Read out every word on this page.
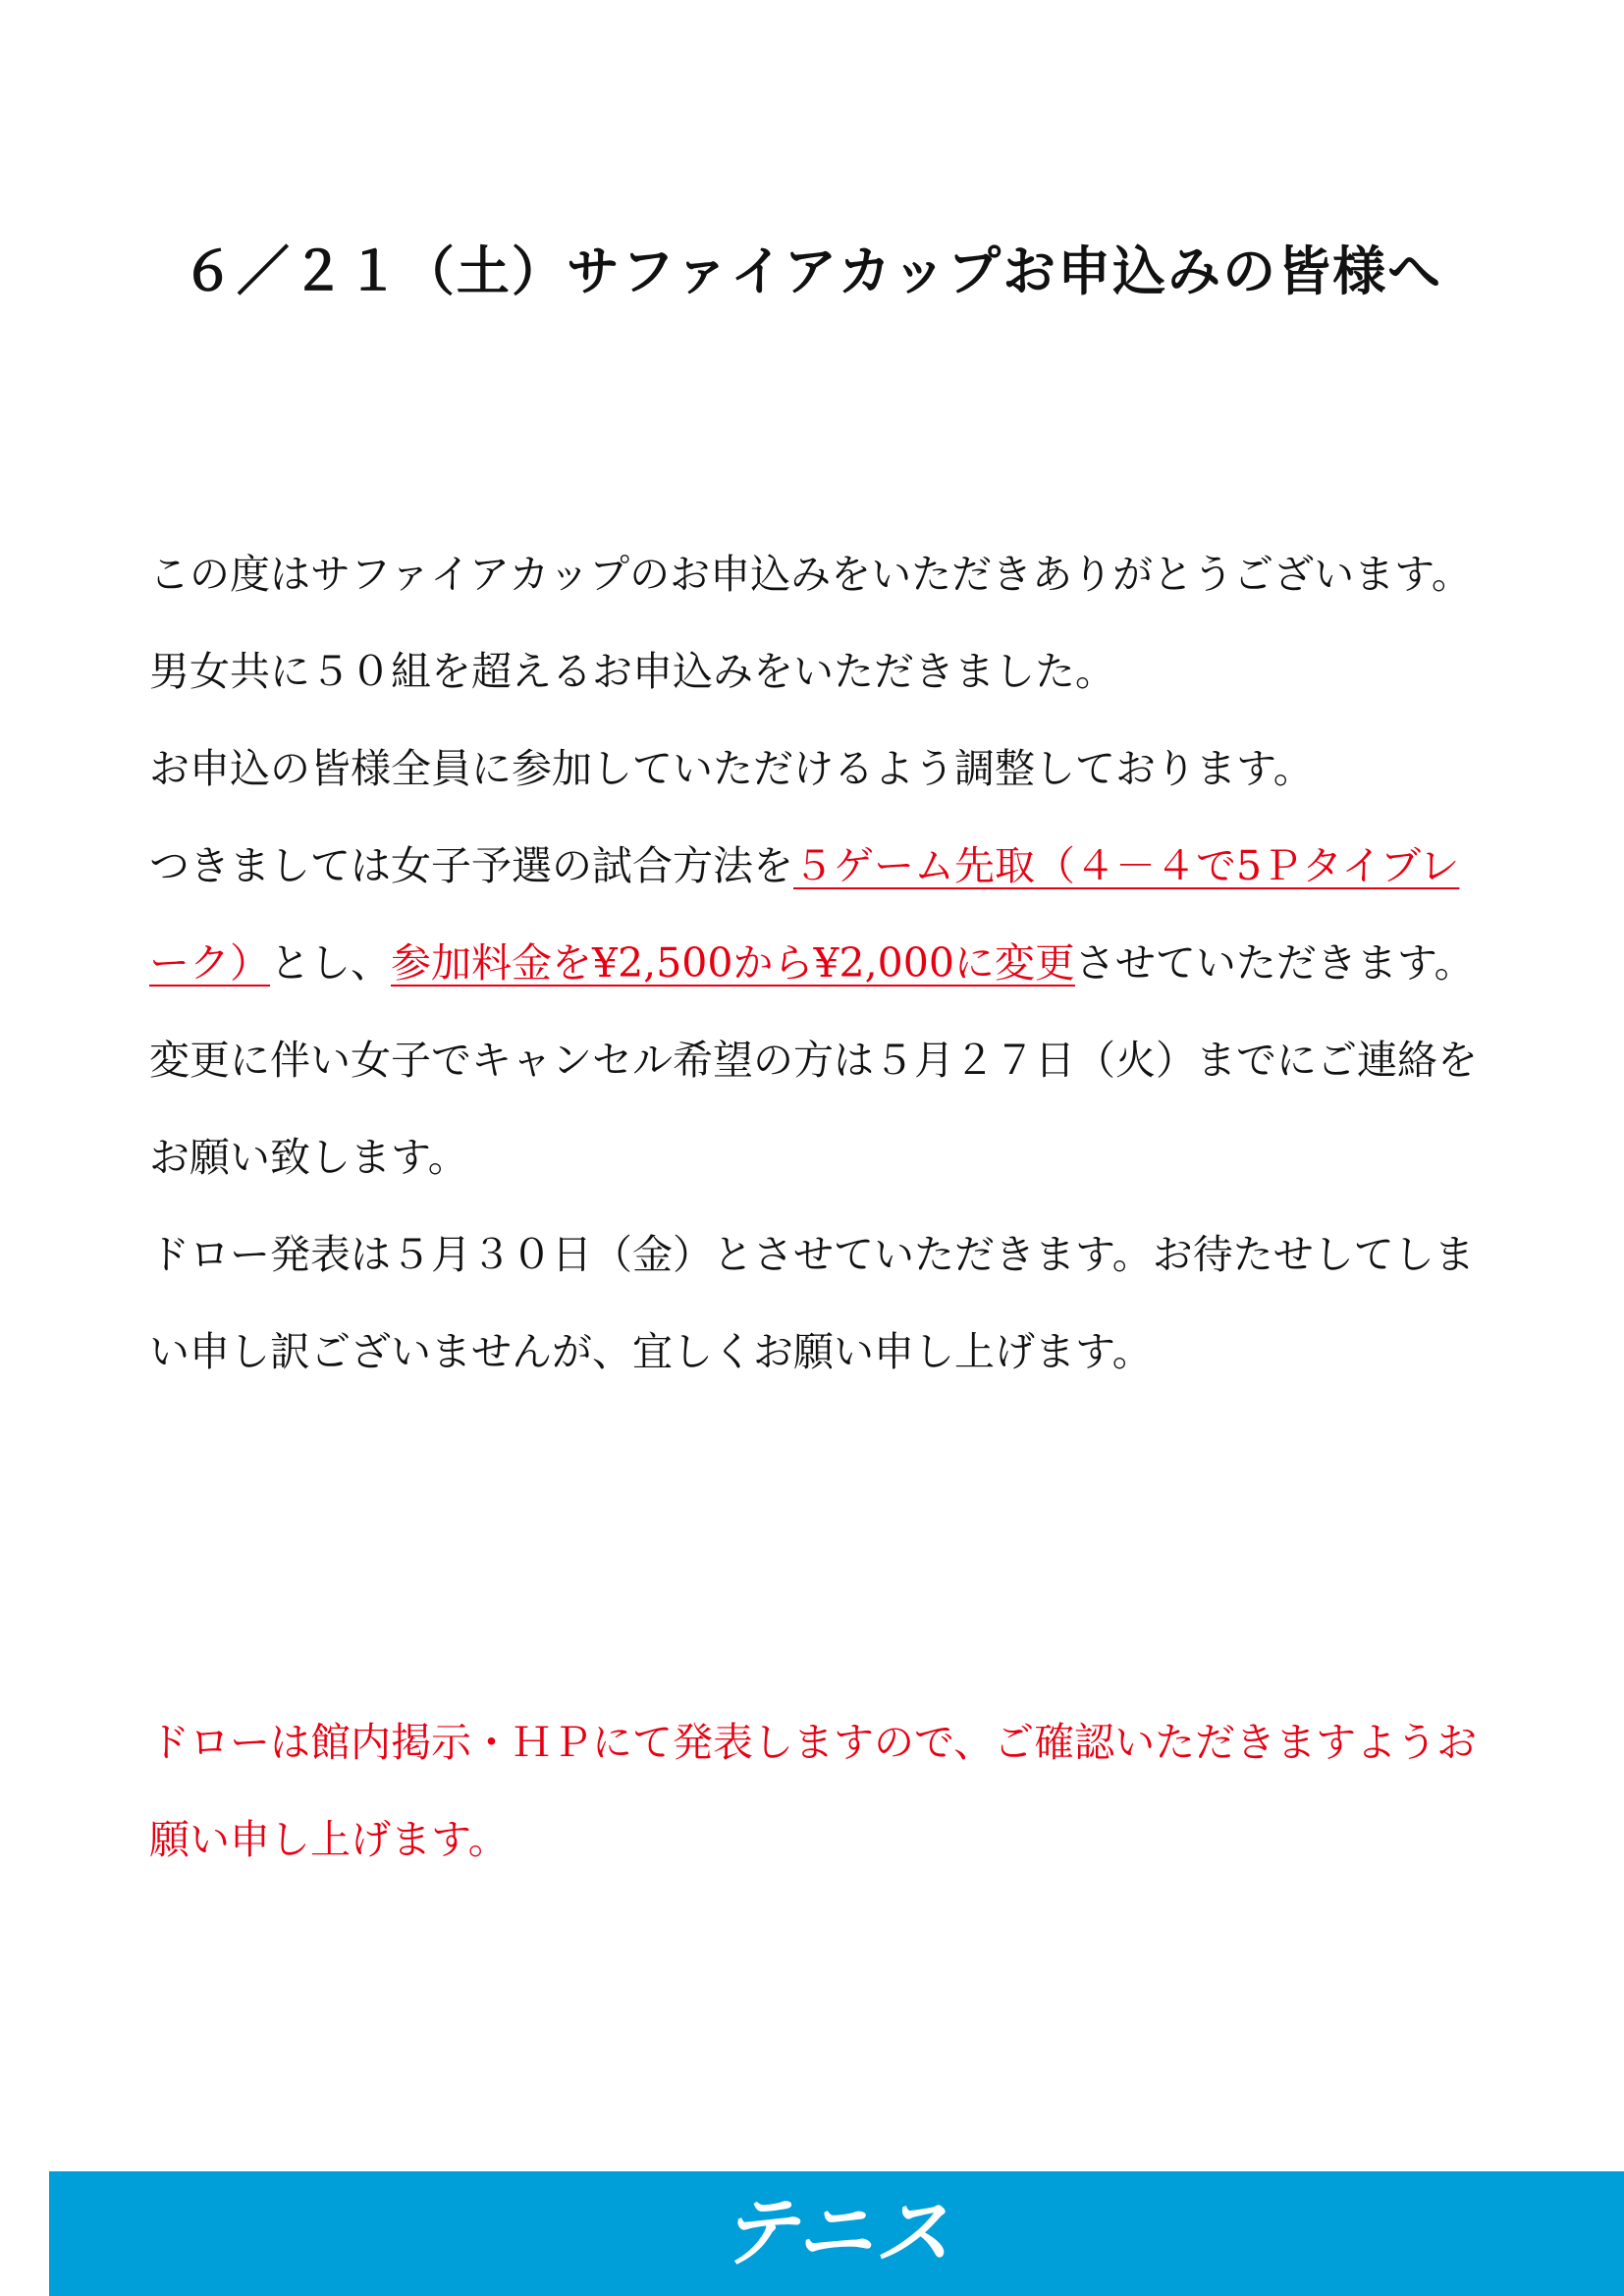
６／２１（土）サファイアカップお申込みの皆様へ

この度はサファイアカップのお申込みをいただきありがとうございます。

男女共に５０組を超えるお申込みをいただきました。

お申込の皆様全員に参加していただけるよう調整しております。

つきましては女子予選の試合方法を５ゲーム先取（４－４で5Ｐタイブレーク）とし、参加料金を¥2,500から¥2,000に変更させていただきます。

変更に伴い女子でキャンセル希望の方は５月２７日（火）までにご連絡をお願い致します。

ドロー発表は５月３０日（金）とさせていただきます。お待たせしてしまい申し訳ございませんが、宜しくお願い申し上げます。

ドローは館内掲示・ＨＰにて発表しますので、ご確認いただきますようお願い申し上げます。

テニス
